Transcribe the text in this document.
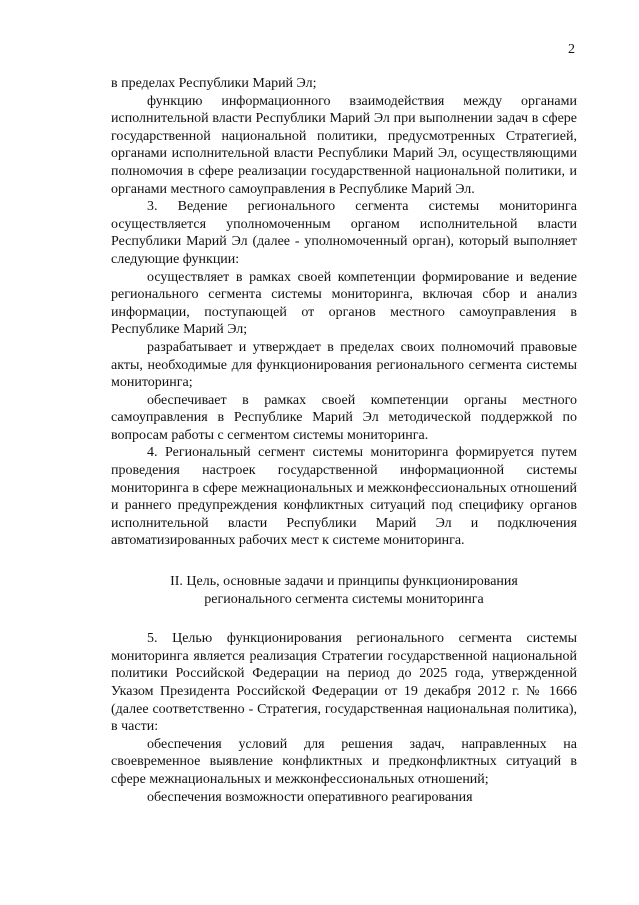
2

в пределах Республики Марий Эл;

функцию информационного взаимодействия между органами исполнительной власти Республики Марий Эл при выполнении задач в сфере государственной национальной политики, предусмотренных Стратегией, органами исполнительной власти Республики Марий Эл, осуществляющими полномочия в сфере реализации государственной национальной политики, и органами местного самоуправления в Республике Марий Эл.

3. Ведение регионального сегмента системы мониторинга осуществляется уполномоченным органом исполнительной власти Республики Марий Эл (далее - уполномоченный орган), который выполняет следующие функции:

осуществляет в рамках своей компетенции формирование и ведение регионального сегмента системы мониторинга, включая сбор и анализ информации, поступающей от органов местного самоуправления в Республике Марий Эл;

разрабатывает и утверждает в пределах своих полномочий правовые акты, необходимые для функционирования регионального сегмента системы мониторинга;

обеспечивает в рамках своей компетенции органы местного самоуправления в Республике Марий Эл методической поддержкой по вопросам работы с сегментом системы мониторинга.

4. Региональный сегмент системы мониторинга формируется путем проведения настроек государственной информационной системы мониторинга в сфере межнациональных и межконфессиональных отношений и раннего предупреждения конфликтных ситуаций под специфику органов исполнительной власти Республики Марий Эл и подключения автоматизированных рабочих мест к системе мониторинга.

II. Цель, основные задачи и принципы функционирования
регионального сегмента системы мониторинга

5. Целью функционирования регионального сегмента системы мониторинга является реализация Стратегии государственной национальной политики Российской Федерации на период до 2025 года, утвержденной Указом Президента Российской Федерации от 19 декабря 2012 г. № 1666 (далее соответственно - Стратегия, государственная национальная политика), в части:

обеспечения условий для решения задач, направленных на своевременное выявление конфликтных и предконфликтных ситуаций в сфере межнациональных и межконфессиональных отношений;

обеспечения возможности оперативного реагирования
